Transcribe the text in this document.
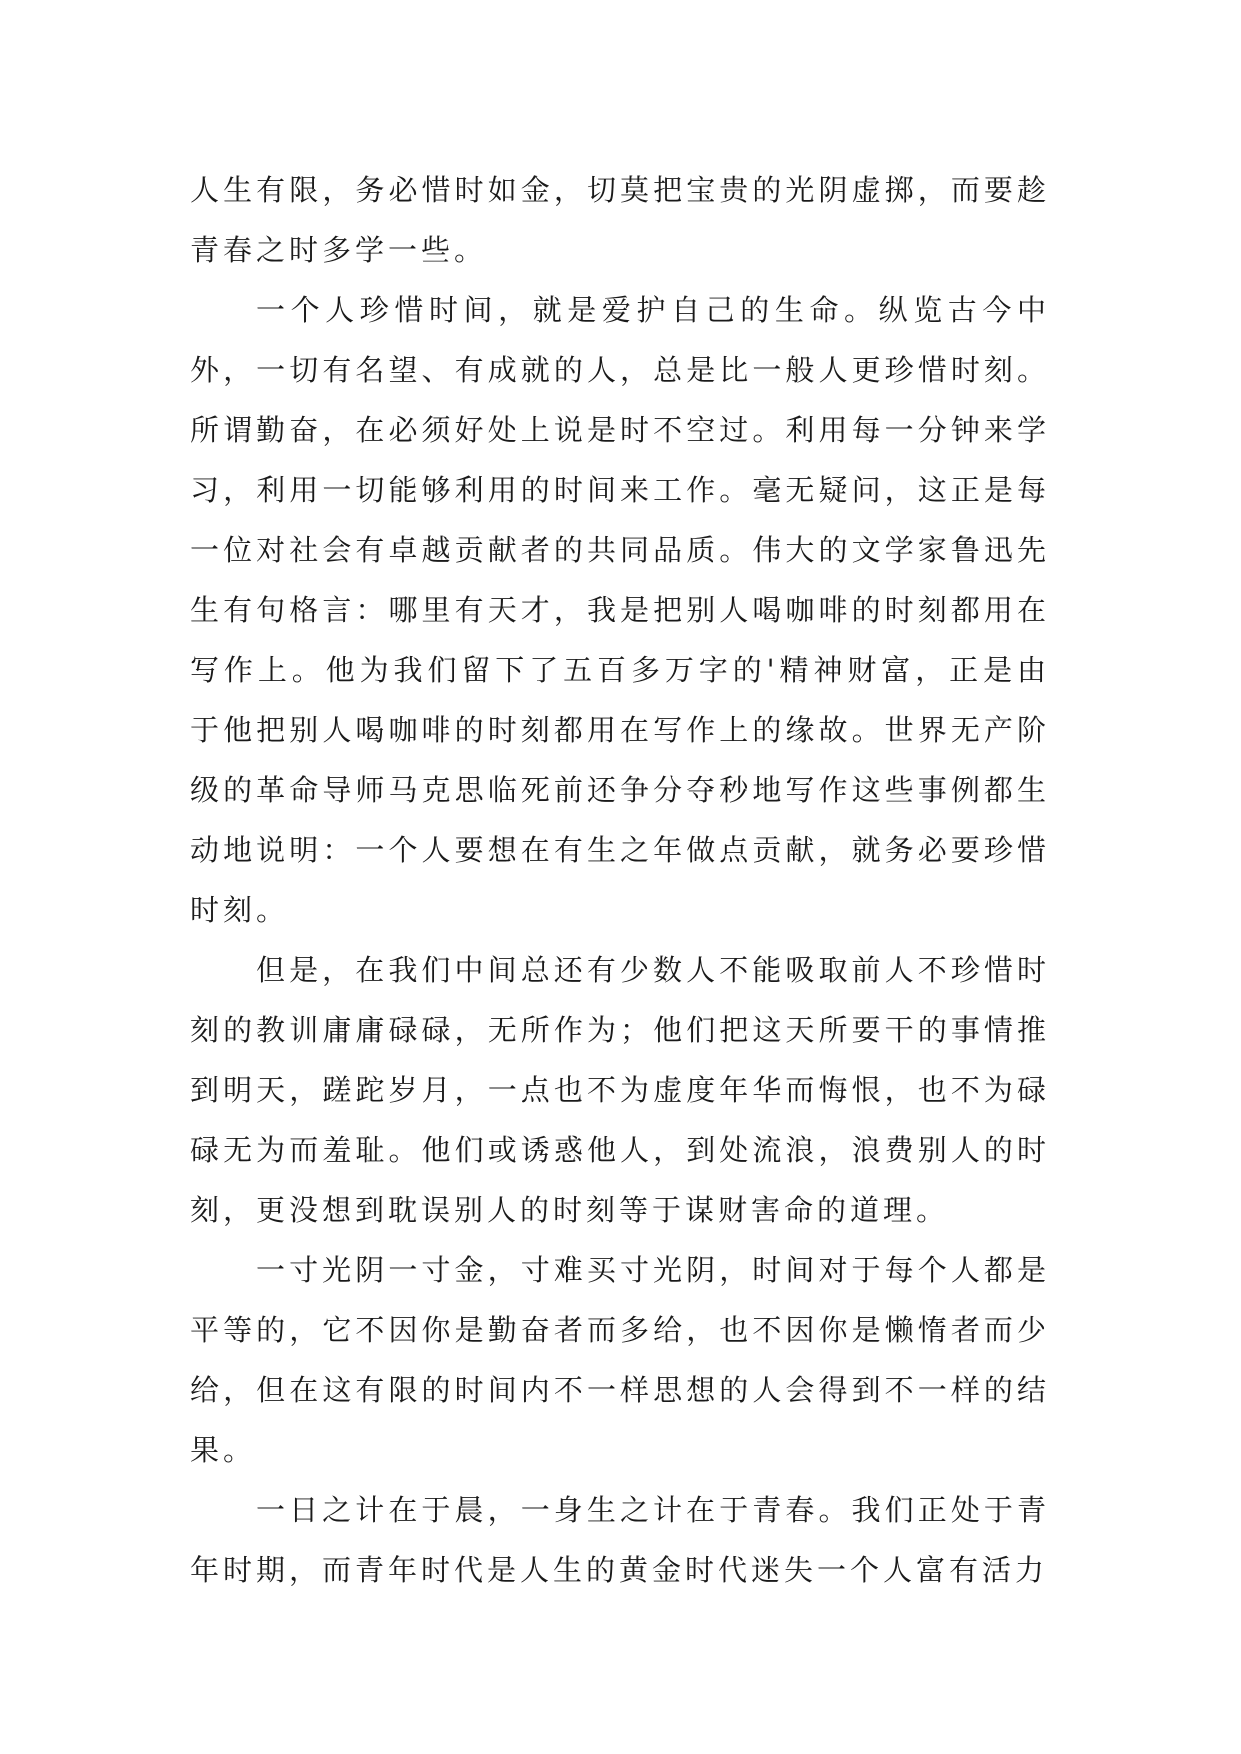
人生有限，务必惜时如金，切莫把宝贵的光阴虚掷，而要趁青春之时多学一些。

一个人珍惜时间，就是爱护自己的生命。纵览古今中外，一切有名望、有成就的人，总是比一般人更珍惜时刻。所谓勤奋，在必须好处上说是时不空过。利用每一分钟来学习，利用一切能够利用的时间来工作。毫无疑问，这正是每一位对社会有卓越贡献者的共同品质。伟大的文学家鲁迅先生有句格言：哪里有天才，我是把别人喝咖啡的时刻都用在写作上。他为我们留下了五百多万字的'精神财富，正是由于他把别人喝咖啡的时刻都用在写作上的缘故。世界无产阶级的革命导师马克思临死前还争分夺秒地写作这些事例都生动地说明：一个人要想在有生之年做点贡献，就务必要珍惜时刻。

但是，在我们中间总还有少数人不能吸取前人不珍惜时刻的教训庸庸碌碌，无所作为；他们把这天所要干的事情推到明天，蹉跎岁月，一点也不为虚度年华而悔恨，也不为碌碌无为而羞耻。他们或诱惑他人，到处流浪，浪费别人的时刻，更没想到耽误别人的时刻等于谋财害命的道理。

一寸光阴一寸金，寸难买寸光阴，时间对于每个人都是平等的，它不因你是勤奋者而多给，也不因你是懒惰者而少给，但在这有限的时间内不一样思想的人会得到不一样的结果。

一日之计在于晨，一身生之计在于青春。我们正处于青年时期，而青年时代是人生的黄金时代迷失一个人富有活力
